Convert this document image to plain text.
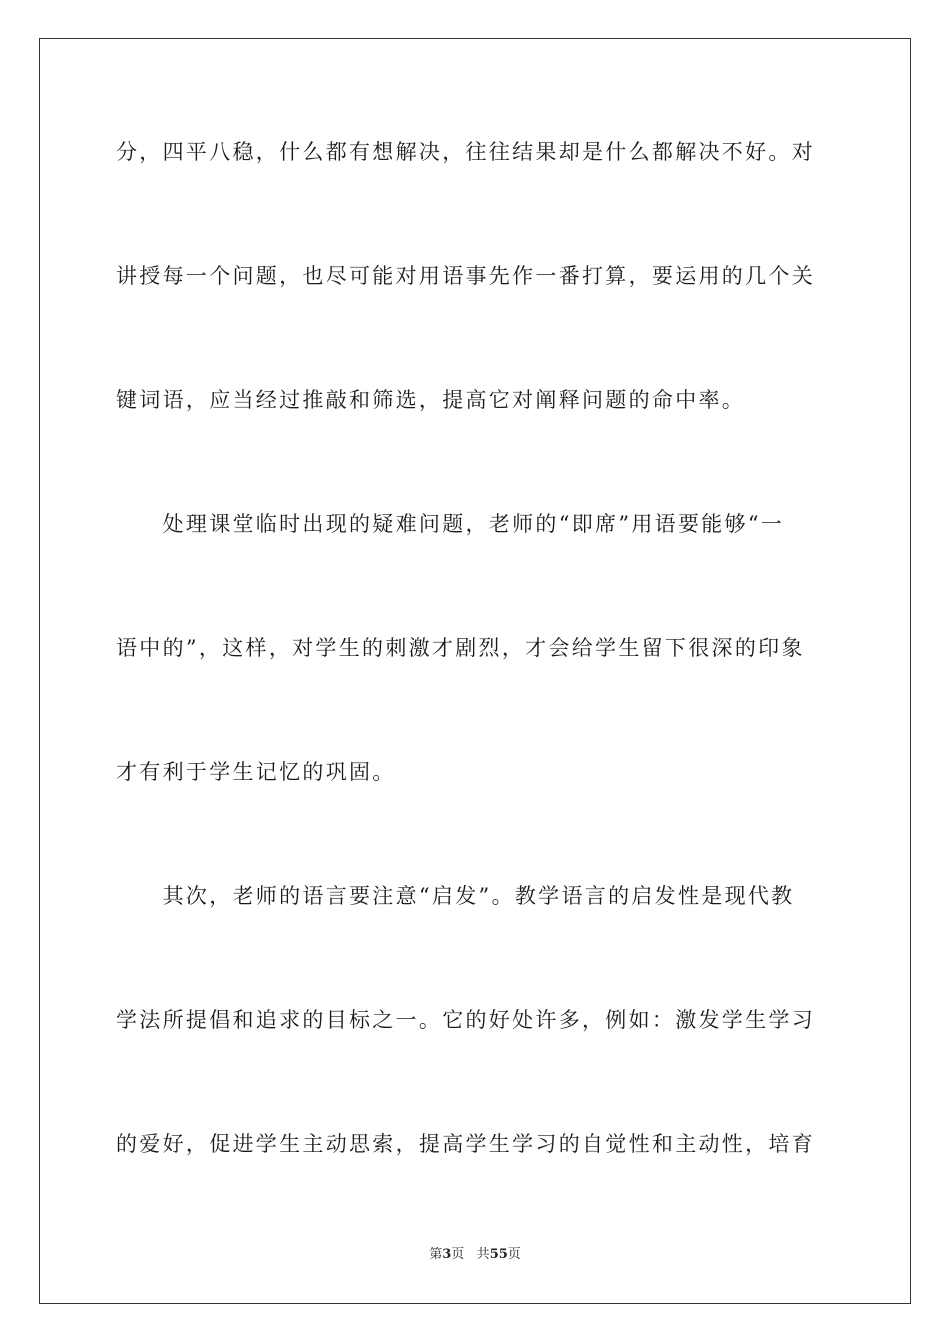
分，四平八稳，什么都有想解决，往往结果却是什么都解决不好。对
讲授每一个问题，也尽可能对用语事先作一番打算，要运用的几个关
键词语，应当经过推敲和筛选，提高它对阐释问题的命中率。
　　处理课堂临时出现的疑难问题，老师的“即席”用语要能够“一
语中的”，这样，对学生的刺激才剧烈，才会给学生留下很深的印象
才有利于学生记忆的巩固。
　　其次，老师的语言要注意“启发”。教学语言的启发性是现代教
学法所提倡和追求的目标之一。它的好处许多，例如：激发学生学习
的爱好，促进学生主动思索，提高学生学习的自觉性和主动性，培育
第3页 共55页
